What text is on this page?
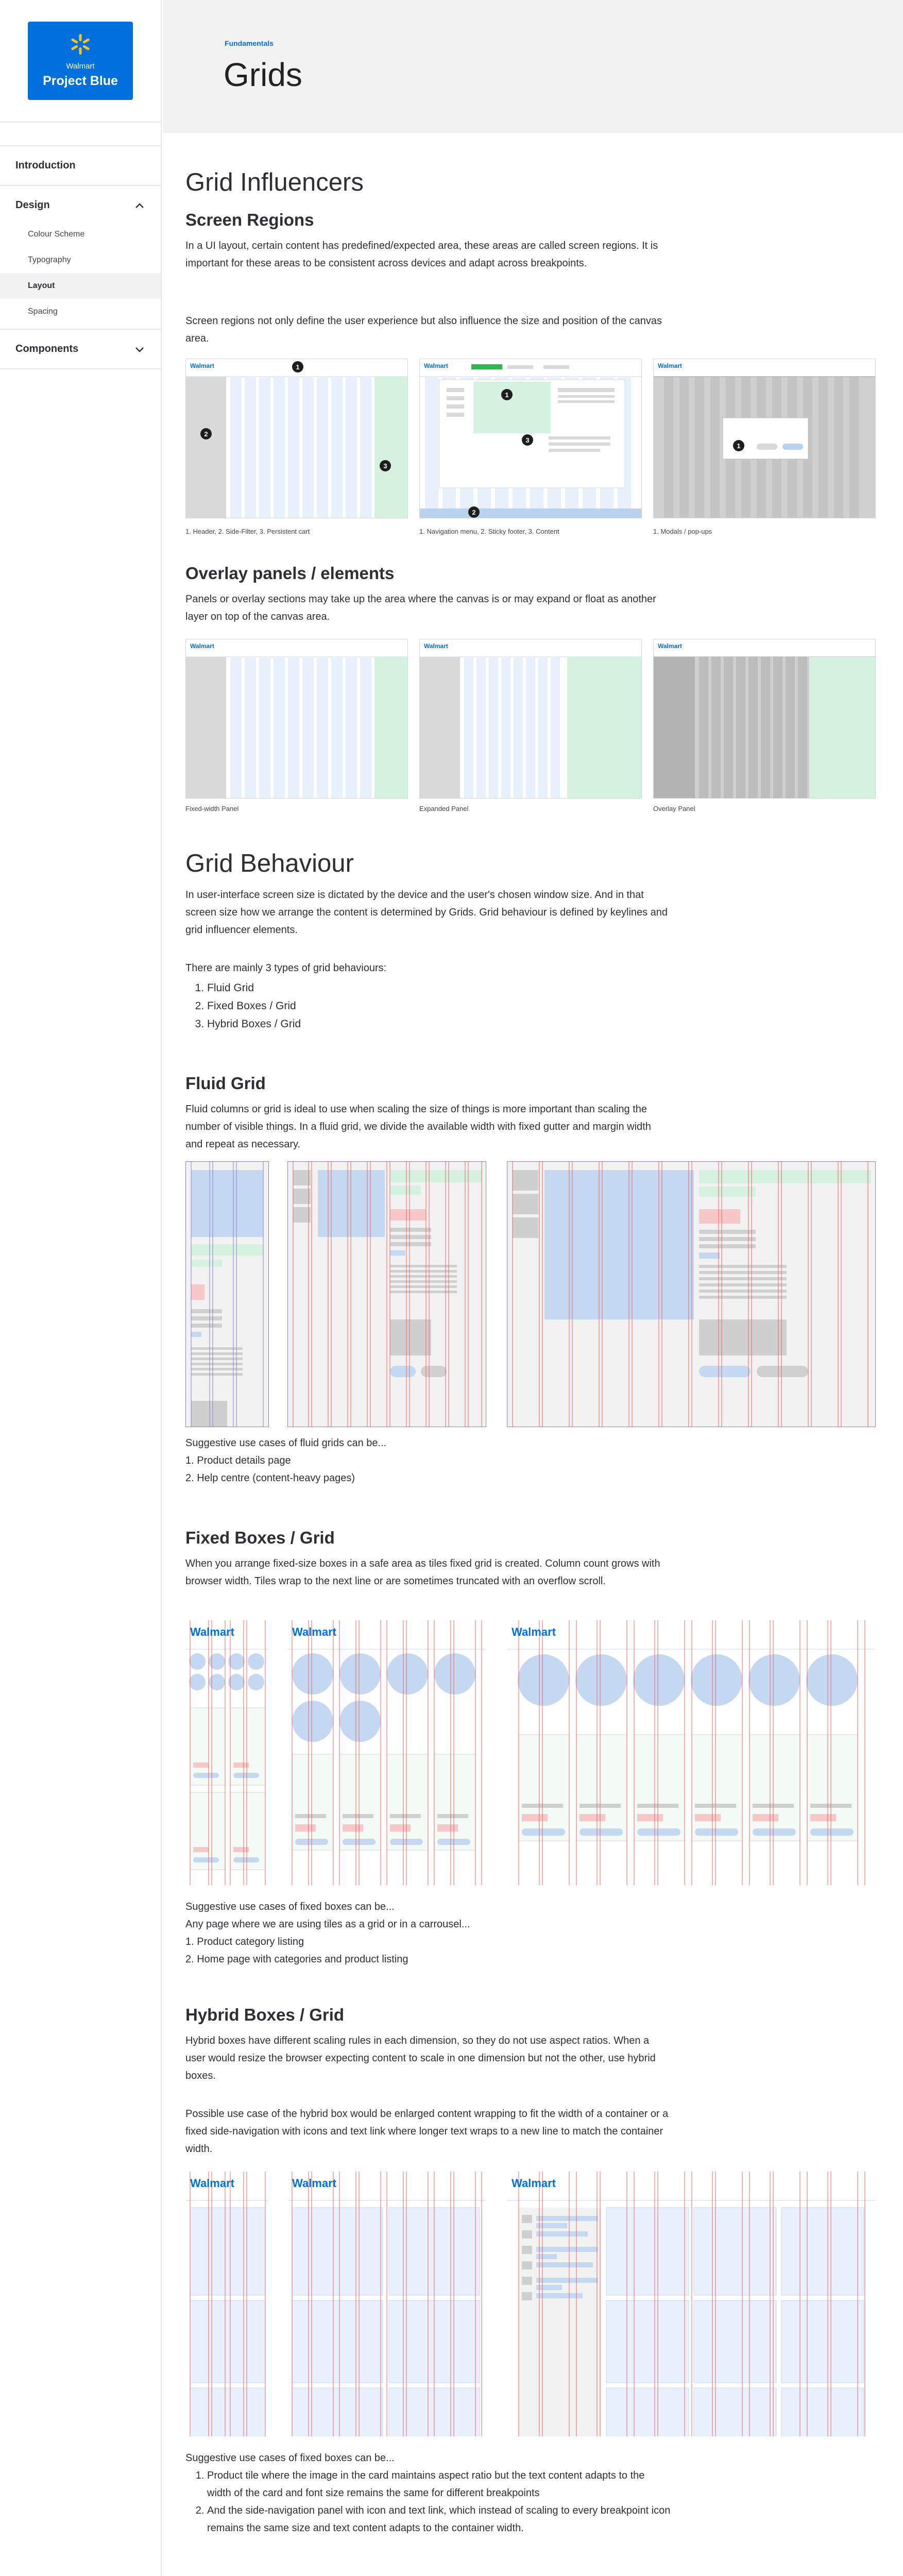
Walmart
Project Blue
Introduction
Design
Colour Scheme
Typography
Layout
Spacing
Components
Fundamentals
Grids
Grid Influencers
Screen Regions

In a UI layout, certain content has predefined/expected area, these areas are called screen regions. It is important for these areas to be consistent across devices and adapt across breakpoints.

Screen regions not only define the user experience but also influence the size and position of the canvas area.

Walmart	1
2
3
Walmart
1
2
3
Walmart
1
1. Header, 2. Side-Filter, 3. Persistent cart	1. Navigation menu, 2. Sticky footer, 3. Content	1. Modals / pop-ups
Overlay panels / elements

Panels or overlay sections may take up the area where the canvas is or may expand or float as another layer on top of the canvas area.

Walmart	Walmart	Walmart
Fixed-width Panel	Expanded Panel	Overlay Panel
Grid Behaviour

In user-interface screen size is dictated by the device and the user's chosen window size. And in that screen size how we arrange the content is determined by Grids. Grid behaviour is defined by keylines and grid influencer elements.

There are mainly 3 types of grid behaviours:

1. Fluid Grid
2. Fixed Boxes / Grid
3. Hybrid Boxes / Grid
Fluid Grid

Fluid columns or grid is ideal to use when scaling the size of things is more important than scaling the number of visible things. In a fluid grid, we divide the available width with fixed gutter and margin width and repeat as necessary.

Suggestive use cases of fluid grids can be...

1. Product details page

2. Help centre (content-heavy pages)

Fixed Boxes / Grid

When you arrange fixed-size boxes in a safe area as tiles fixed grid is created. Column count grows with browser width. Tiles wrap to the next line or are sometimes truncated with an overflow scroll.

Walmart	Walmart	Walmart

Suggestive use cases of fixed boxes can be...

Any page where we are using tiles as a grid or in a carrousel...

1. Product category listing

2. Home page with categories and product listing

Hybrid Boxes / Grid

Hybrid boxes have different scaling rules in each dimension, so they do not use aspect ratios. When a user would resize the browser expecting content to scale in one dimension but not the other, use hybrid boxes.

Possible use case of the hybrid box would be enlarged content wrapping to fit the width of a container or a fixed side-navigation with icons and text link where longer text wraps to a new line to match the container width.

Walmart	Walmart	Walmart

Suggestive use cases of fixed boxes can be...

1. Product tile where the image in the card maintains aspect ratio but the text content adapts to the width of the card and font size remains the same for different breakpoints
2. And the side-navigation panel with icon and text link, which instead of scaling to every breakpoint icon remains the same size and text content adapts to the container width.
